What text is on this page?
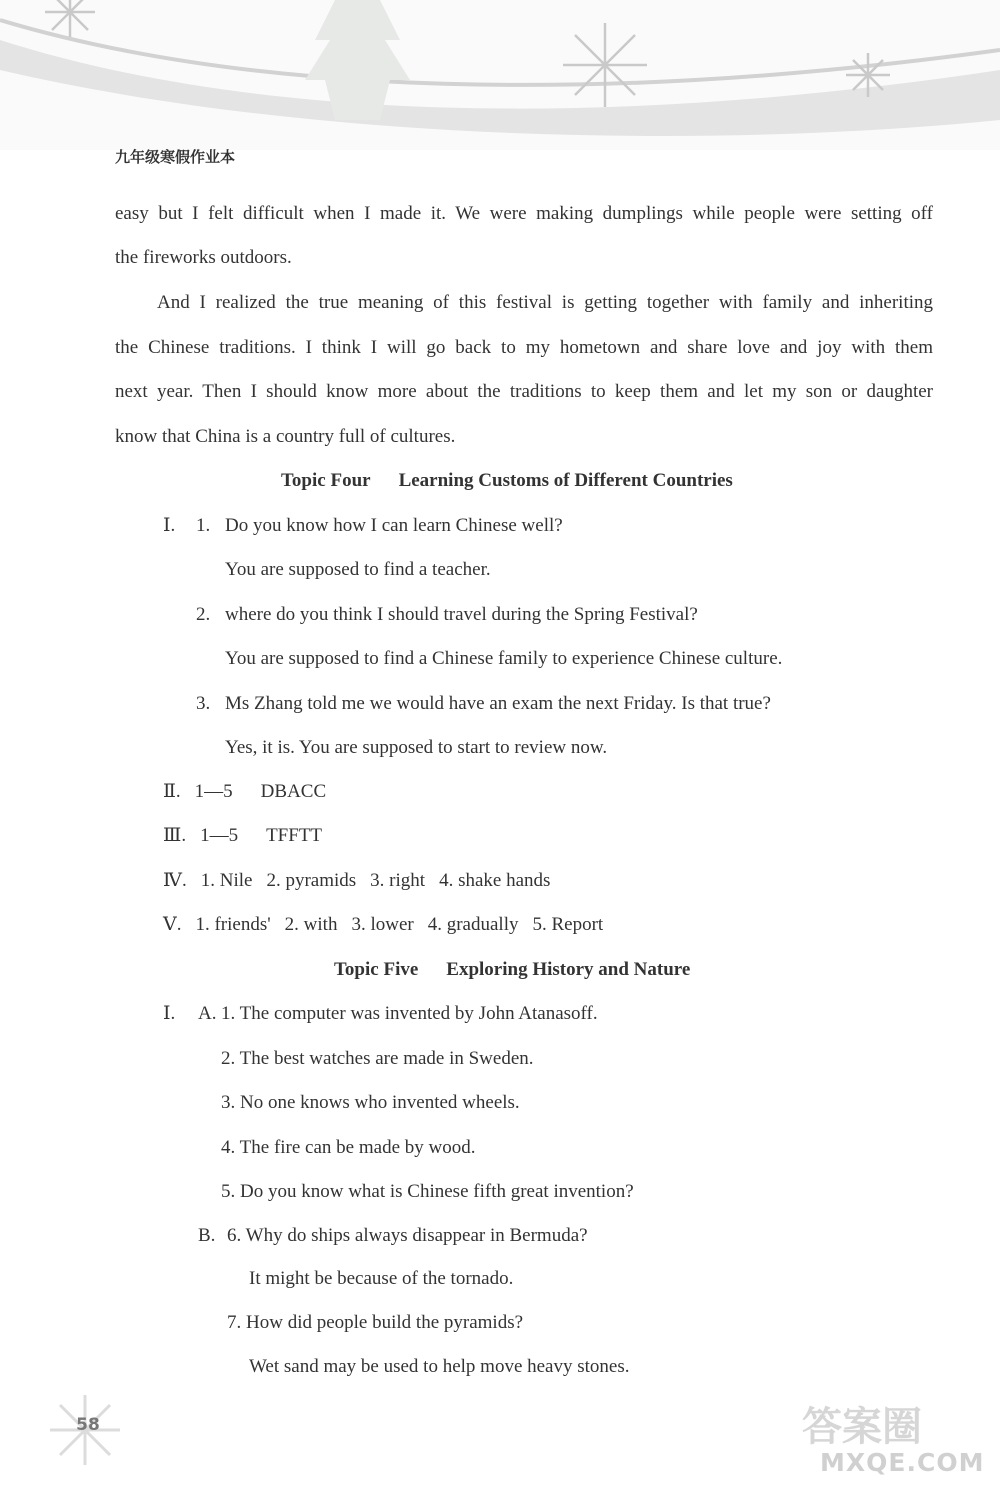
九年级寒假作业本
easy but I felt difficult when I made it. We were making dumplings while people were setting off
the fireworks outdoors.
And I realized the true meaning of this festival is getting together with family and inheriting
the Chinese traditions. I think I will go back to my hometown and share love and joy with them
next year. Then I should know more about the traditions to keep them and let my son or daughter
know that China is a country full of cultures.
Topic Four Learning Customs of Different Countries
Ⅰ. 1. Do you know how I can learn Chinese well?
You are supposed to find a teacher.
2. where do you think I should travel during the Spring Festival?
You are supposed to find a Chinese family to experience Chinese culture.
3. Ms Zhang told me we would have an exam the next Friday. Is that true?
Yes, it is. You are supposed to start to review now.
Ⅱ. 1—5 DBACC
Ⅲ. 1—5 TFFTT
Ⅳ. 1. Nile 2. pyramids 3. right 4. shake hands
Ⅴ. 1. friends' 2. with 3. lower 4. gradually 5. Report
Topic Five Exploring History and Nature
Ⅰ. A. 1. The computer was invented by John Atanasoff.
2. The best watches are made in Sweden.
3. No one knows who invented wheels.
4. The fire can be made by wood.
5. Do you know what is Chinese fifth great invention?
B. 6. Why do ships always disappear in Bermuda?
It might be because of the tornado.
7. How did people build the pyramids?
Wet sand may be used to help move heavy stones.
58	答案圈
MXQE.COM
